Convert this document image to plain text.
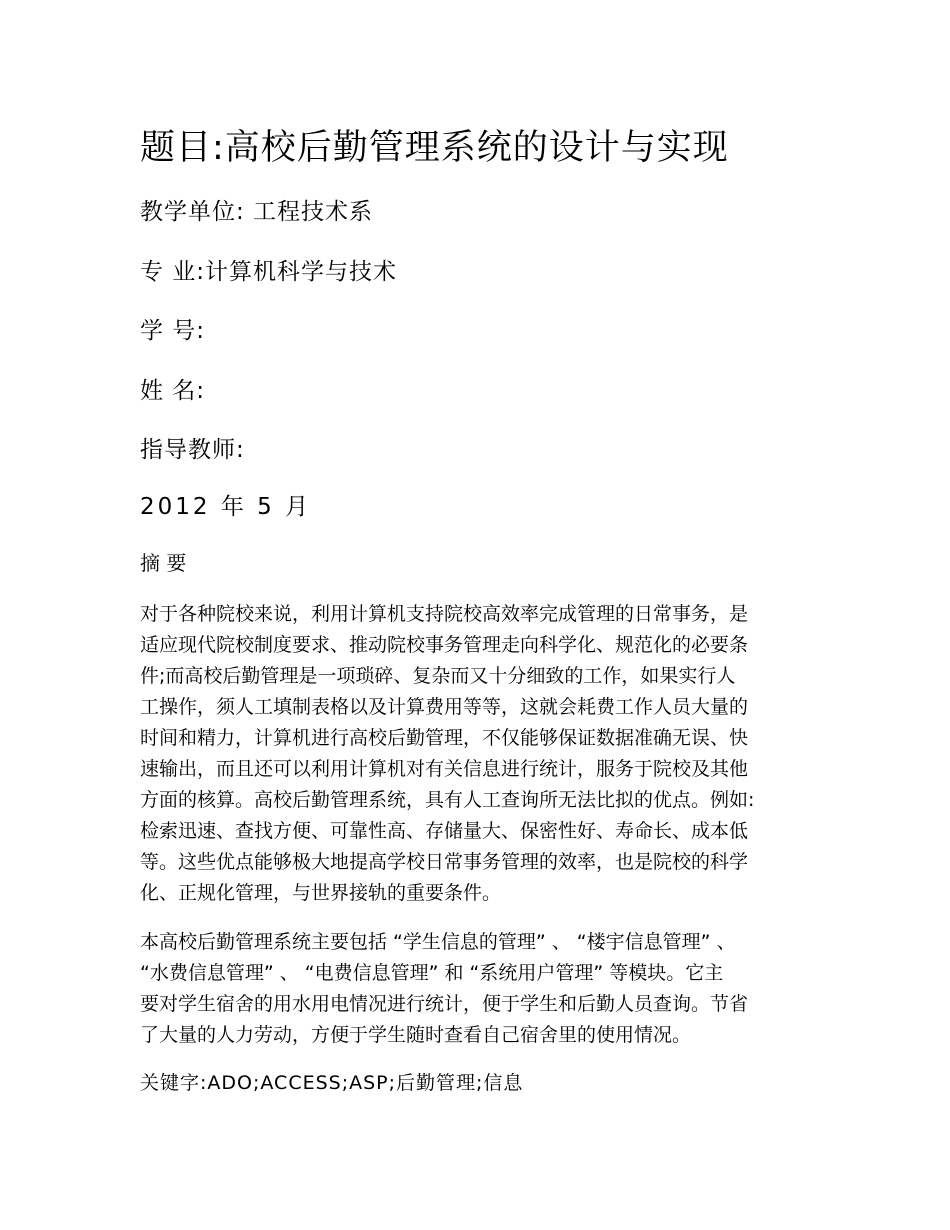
题目:高校后勤管理系统的设计与实现
教学单位: 工程技术系
专 业:计算机科学与技术
学 号:
姓 名:
指导教师:
2012 年 5 月
摘 要
对于各种院校来说，利用计算机支持院校高效率完成管理的日常事务，是
适应现代院校制度要求、推动院校事务管理走向科学化、规范化的必要条
件;而高校后勤管理是一项琐碎、复杂而又十分细致的工作，如果实行人
工操作，须人工填制表格以及计算费用等等，这就会耗费工作人员大量的
时间和精力，计算机进行高校后勤管理，不仅能够保证数据准确无误、快
速输出，而且还可以利用计算机对有关信息进行统计，服务于院校及其他
方面的核算。高校后勤管理系统，具有人工查询所无法比拟的优点。例如:
检索迅速、查找方便、可靠性高、存储量大、保密性好、寿命长、成本低
等。这些优点能够极大地提高学校日常事务管理的效率，也是院校的科学
化、正规化管理，与世界接轨的重要条件。
本高校后勤管理系统主要包括 “学生信息的管理” 、 “楼宇信息管理” 、
“水费信息管理” 、 “电费信息管理” 和 “系统用户管理” 等模块。它主
要对学生宿舍的用水用电情况进行统计，便于学生和后勤人员查询。节省
了大量的人力劳动，方便于学生随时查看自己宿舍里的使用情况。
关键字:ADO;ACCESS;ASP;后勤管理;信息
